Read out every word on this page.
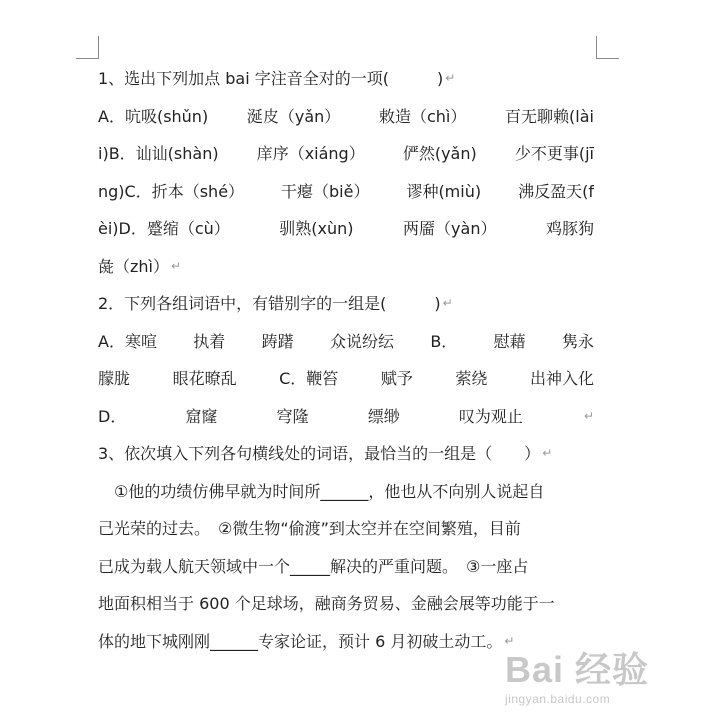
1、选出下列加点 bai 字注音全对的一项(　　　) ↵
A．吭吸(shǔn) 涎皮（yǎn） 敕造（chì） 百无聊赖(lài
i)B．讪讪(shàn) 庠序（xiáng） 俨然(yǎn) 少不更事(jī
ng)C．折本（shé） 干瘪（biě） 谬种(miù) 沸反盈天(f
èi)D．蹙缩（cù）	驯熟(xùn)	两靥（yàn）	鸡豚狗
彘（zhì） ↵
2．下列各组词语中，有错别字的一组是(　　　) ↵
A．寒喧 执着 踌躇 众说纷纭 B． 慰藉 隽永
朦胧	眼花暸乱	C．鞭笞	赋予	萦绕	出神入化
D．	窟窿	穹隆	缥缈	叹为观止	↵
3、依次填入下列各句横线处的词语，最恰当的一组是（　　） ↵
　①他的功绩仿佛早就为时间所______，他也从不向别人说起自
己光荣的过去。　②微生物“偷渡”到太空并在空间繁殖，目前
已成为载人航天领域中一个_____解决的严重问题。　③一座占
地面积相当于 600 个足球场，融商务贸易、金融会展等功能于一
体的地下城刚刚______专家论证，预计 6 月初破土动工。 ↵
Bai 经验
jingyan.baidu.com
